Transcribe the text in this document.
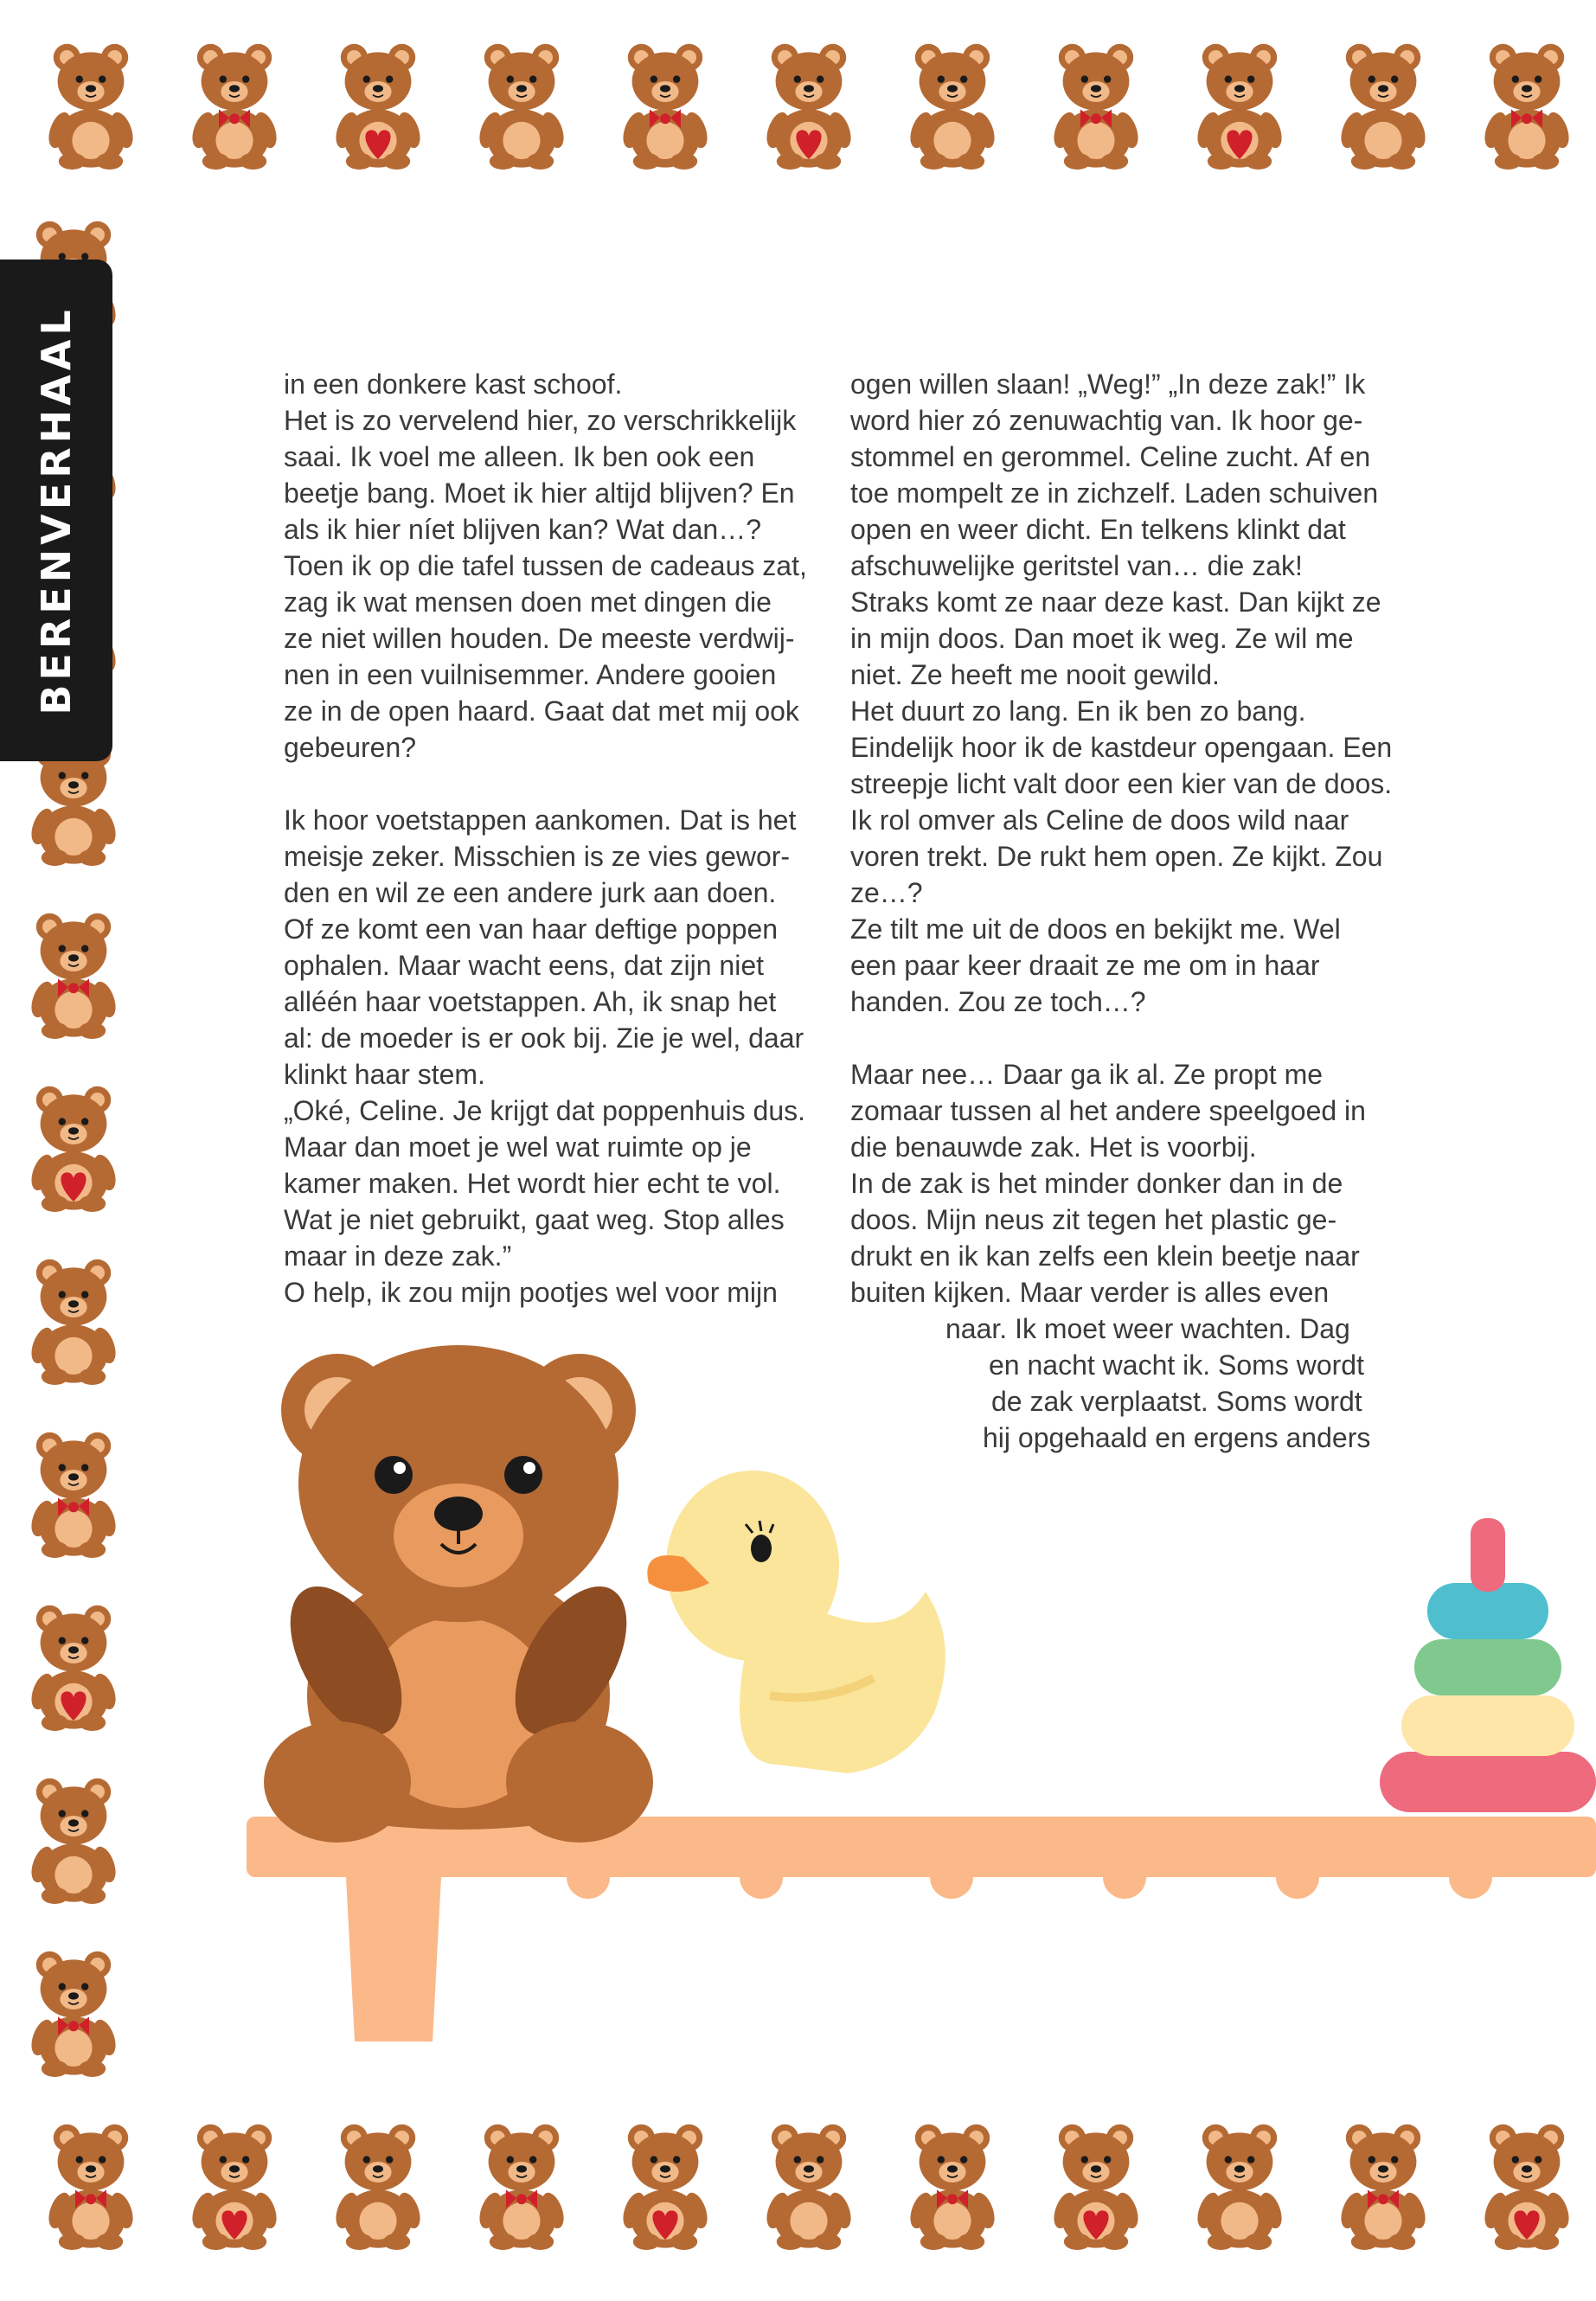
BERENVERHAAL	in een donkere kast schoof.
Het is zo vervelend hier, zo verschrikkelijk
saai. Ik voel me alleen. Ik ben ook een
beetje bang. Moet ik hier altijd blijven? En
als ik hier níet blijven kan? Wat dan…?
Toen ik op die tafel tussen de cadeaus zat,
zag ik wat mensen doen met dingen die
ze niet willen houden. De meeste verdwij-
nen in een vuilnisemmer. Andere gooien
ze in de open haard. Gaat dat met mij ook
gebeuren?
Ik hoor voetstappen aankomen. Dat is het
meisje zeker. Misschien is ze vies gewor-
den en wil ze een andere jurk aan doen.
Of ze komt een van haar deftige poppen
ophalen. Maar wacht eens, dat zijn niet
alléén haar voetstappen. Ah, ik snap het
al: de moeder is er ook bij. Zie je wel, daar
klinkt haar stem.
„Oké, Celine. Je krijgt dat poppenhuis dus.
Maar dan moet je wel wat ruimte op je
kamer maken. Het wordt hier echt te vol.
Wat je niet gebruikt, gaat weg. Stop alles
maar in deze zak.”
O help, ik zou mijn pootjes wel voor mijn
ogen willen slaan! „Weg!” „In deze zak!” Ik
word hier zó zenuwachtig van. Ik hoor ge-
stommel en gerommel. Celine zucht. Af en
toe mompelt ze in zichzelf. Laden schuiven
open en weer dicht. En telkens klinkt dat
afschuwelijke geritstel van… die zak!
Straks komt ze naar deze kast. Dan kijkt ze
in mijn doos. Dan moet ik weg. Ze wil me
niet. Ze heeft me nooit gewild.
Het duurt zo lang. En ik ben zo bang.
Eindelijk hoor ik de kastdeur opengaan. Een
streepje licht valt door een kier van de doos.
Ik rol omver als Celine de doos wild naar
voren trekt. De rukt hem open. Ze kijkt. Zou
ze…?
Ze tilt me uit de doos en bekijkt me. Wel
een paar keer draait ze me om in haar
handen. Zou ze toch…?
Maar nee… Daar ga ik al. Ze propt me
zomaar tussen al het andere speelgoed in
die benauwde zak. Het is voorbij.
In de zak is het minder donker dan in de
doos. Mijn neus zit tegen het plastic ge-
drukt en ik kan zelfs een klein beetje naar
buiten kijken. Maar verder is alles even
naar. Ik moet weer wachten. Dag
en nacht wacht ik. Soms wordt
de zak verplaatst. Soms wordt
hij opgehaald en ergens anders
